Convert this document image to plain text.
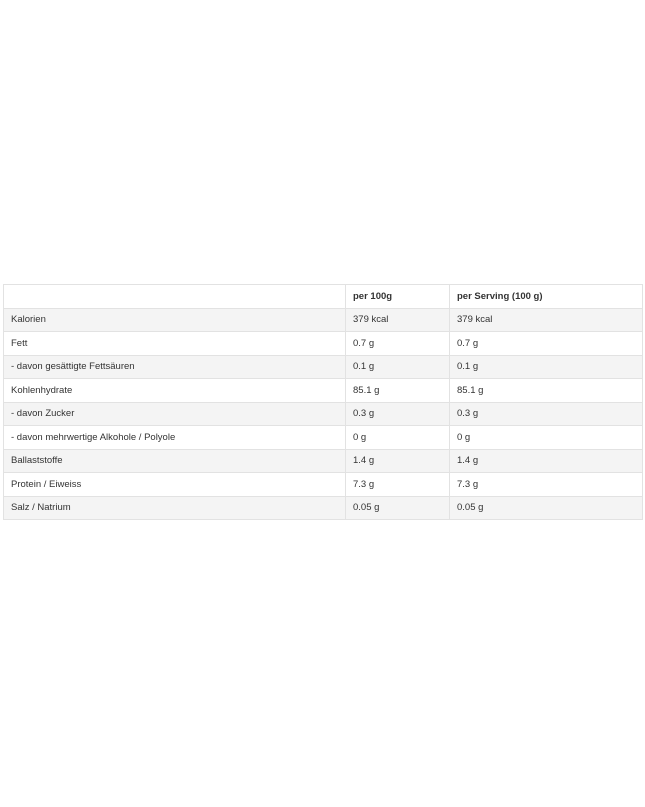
	per 100g	per Serving (100 g)
Kalorien	379 kcal	379 kcal
Fett	0.7 g	0.7 g
- davon gesättigte Fettsäuren	0.1 g	0.1 g
Kohlenhydrate	85.1 g	85.1 g
- davon Zucker	0.3 g	0.3 g
- davon mehrwertige Alkohole / Polyole	0 g	0 g
Ballaststoffe	1.4 g	1.4 g
Protein / Eiweiss	7.3 g	7.3 g
Salz / Natrium	0.05 g	0.05 g
